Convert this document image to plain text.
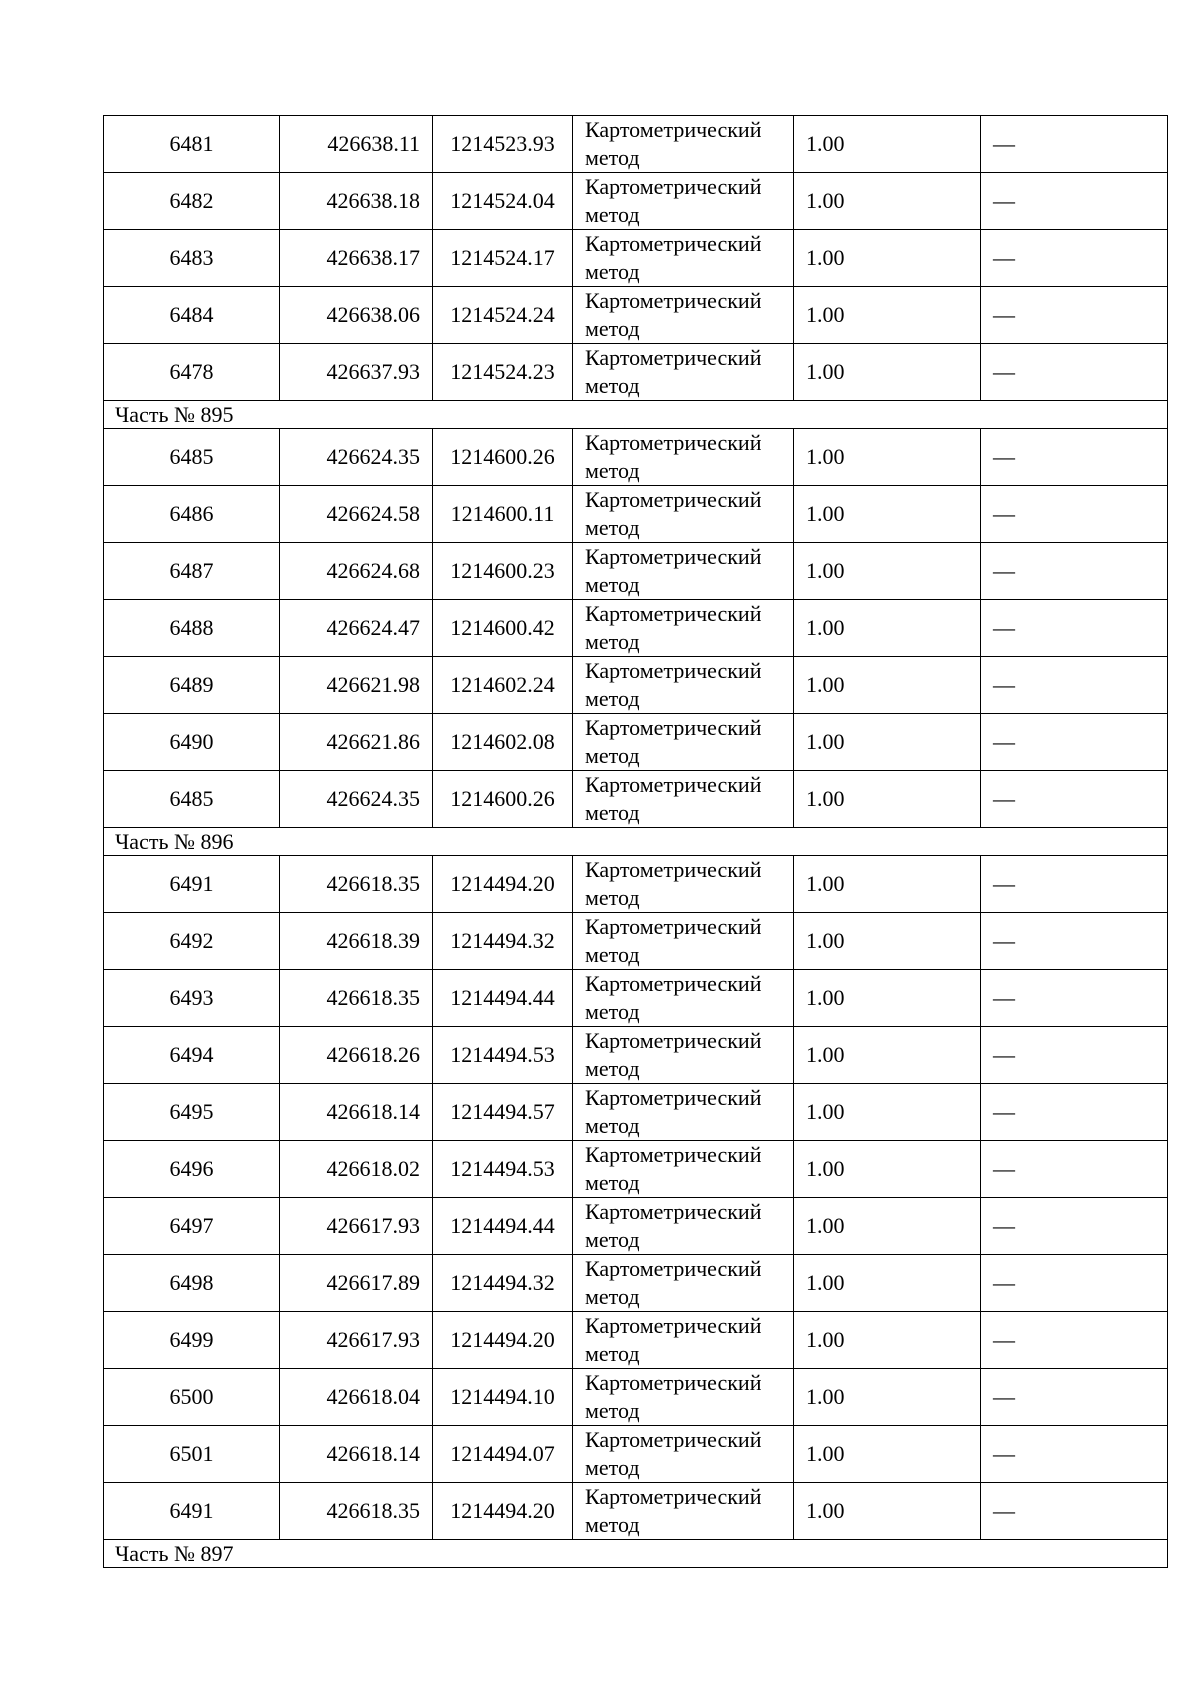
6481	426638.11	1214523.93	Картометрический
метод	1.00	—
6482	426638.18	1214524.04	Картометрический
метод	1.00	—
6483	426638.17	1214524.17	Картометрический
метод	1.00	—
6484	426638.06	1214524.24	Картометрический
метод	1.00	—
6478	426637.93	1214524.23	Картометрический
метод	1.00	—
Часть № 895					
6485	426624.35	1214600.26	Картометрический
метод	1.00	—
6486	426624.58	1214600.11	Картометрический
метод	1.00	—
6487	426624.68	1214600.23	Картометрический
метод	1.00	—
6488	426624.47	1214600.42	Картометрический
метод	1.00	—
6489	426621.98	1214602.24	Картометрический
метод	1.00	—
6490	426621.86	1214602.08	Картометрический
метод	1.00	—
6485	426624.35	1214600.26	Картометрический
метод	1.00	—
Часть № 896					
6491	426618.35	1214494.20	Картометрический
метод	1.00	—
6492	426618.39	1214494.32	Картометрический
метод	1.00	—
6493	426618.35	1214494.44	Картометрический
метод	1.00	—
6494	426618.26	1214494.53	Картометрический
метод	1.00	—
6495	426618.14	1214494.57	Картометрический
метод	1.00	—
6496	426618.02	1214494.53	Картометрический
метод	1.00	—
6497	426617.93	1214494.44	Картометрический
метод	1.00	—
6498	426617.89	1214494.32	Картометрический
метод	1.00	—
6499	426617.93	1214494.20	Картометрический
метод	1.00	—
6500	426618.04	1214494.10	Картометрический
метод	1.00	—
6501	426618.14	1214494.07	Картометрический
метод	1.00	—
6491	426618.35	1214494.20	Картометрический
метод	1.00	—
Часть № 897					
